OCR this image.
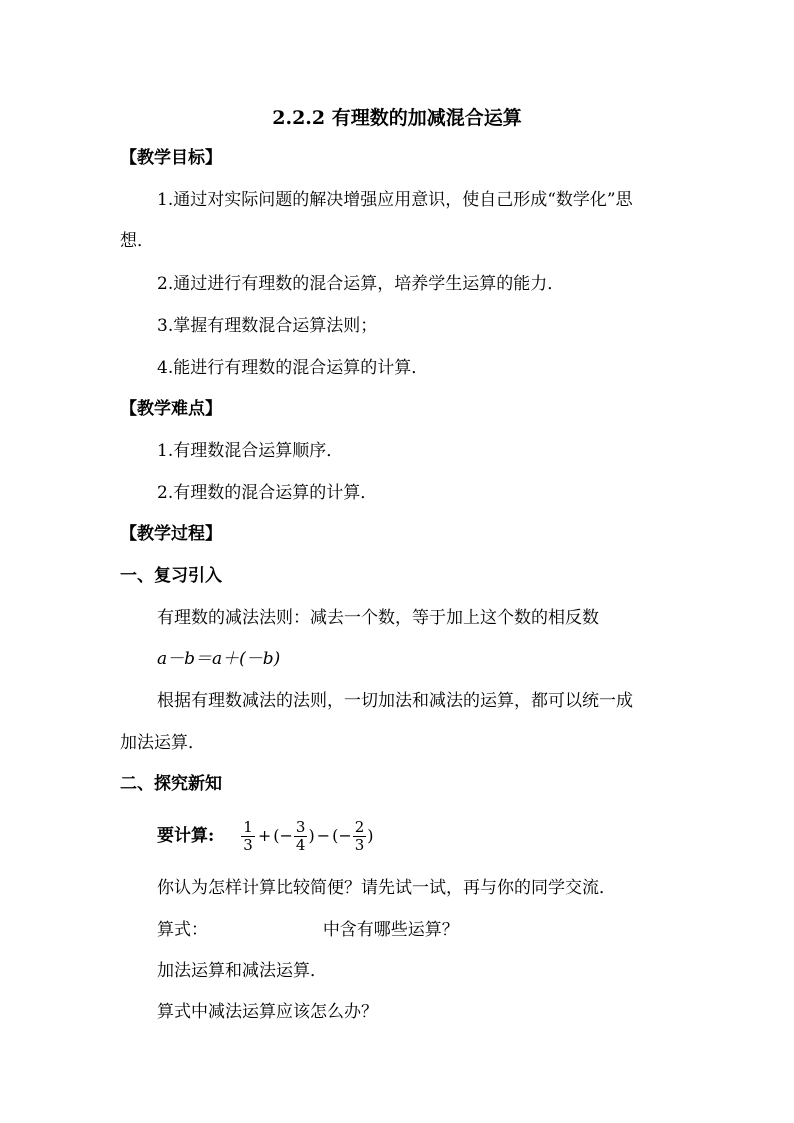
2.2.2 有理数的加减混合运算
【教学目标】
1.通过对实际问题的解决增强应用意识，使自己形成“数学化”思
想．
2.通过进行有理数的混合运算，培养学生运算的能力．
3.掌握有理数混合运算法则；
4.能进行有理数的混合运算的计算．
【教学难点】
1.有理数混合运算顺序．
2.有理数的混合运算的计算．
【教学过程】
一、复习引入
有理数的减法法则：减去一个数，等于加上这个数的相反数
a－b＝a＋(－b)
根据有理数减法的法则，一切加法和减法的运算，都可以统一成
加法运算．
二、探究新知
要计算: $\frac{1}{3}$ + (− $\frac{3}{4}$ ) − (− $\frac{2}{3}$ )
你认为怎样计算比较简便？请先试一试，再与你的同学交流．
算式：	中含有哪些运算？
加法运算和减法运算．
算式中减法运算应该怎么办？
